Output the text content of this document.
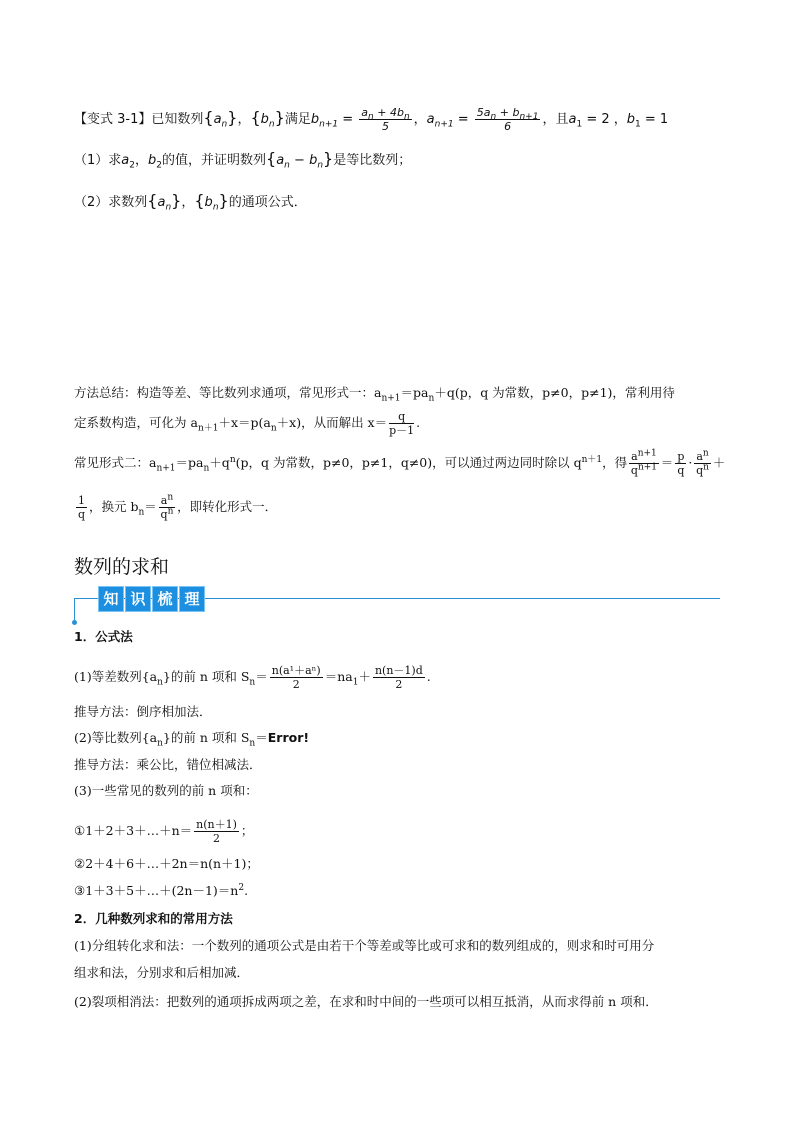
【变式 3-1】已知数列$\{a_n\}$，$\{b_n\}$满足$b_{n+1} = \frac{a_n + 4b_n}{5}$ ，$a_{n+1} = \frac{5a_n + b_{n+1}}{6}$ ，且$a_1 = 2$ ，$b_1 = 1$
（1）求$a_2$，$b_2$的值，并证明数列$\{a_n - b_n\}$是等比数列；
（2）求数列$\{a_n\}$，$\{b_n\}$的通项公式．
方法总结：构造等差、等比数列求通项，常见形式一：$a_{n+1}=pa_n+q(p$，q 为常数，p≠0，p≠1)，常利用待
定系数构造，可化为 $a_{n+1}+x=p(a_n+x)$，从而解出 $x= \frac{q}{p-1}$ .
常见形式二：$a_{n+1}=pa_n+q^n(p$，q 为常数，p≠0，p≠1，q≠0)，可以通过两边同时除以 $q^{n+1}$，得 $\frac{a^{n+1}}{q^{n+1}} = \frac{p}{q} \cdot \frac{a^n}{q^n}$ ＋
$\frac{1}{q}$ ，换元 $b_n= \frac{a^n}{q^n}$ ，即转化形式一．
数列的求和
知 识 梳 理
1．公式法
(1)等差数列$\{a_n\}$的前 n 项和 $S_n= \frac{\text{n(a¹＋aⁿ)}}{2} =na_1+ \frac{n(n-1)d}{2}$ .
推导方法：倒序相加法．
(2)等比数列$\{a_n\}$的前 n 项和 $S_n=Error$!
推导方法：乘公比，错位相减法．
(3)一些常见的数列的前 n 项和：
①1＋2＋3＋…＋n＝ $\frac{n(n+1)}{2}$ ；
②2＋4＋6＋…＋2n＝n(n＋1)；
$③1+3+5+\dots+(2n-1)=n^2$.
2．几种数列求和的常用方法
(1)分组转化求和法：一个数列的通项公式是由若干个等差或等比或可求和的数列组成的，则求和时可用分
组求和法，分别求和后相加减．
(2)裂项相消法：把数列的通项拆成两项之差，在求和时中间的一些项可以相互抵消，从而求得前 n 项和．
